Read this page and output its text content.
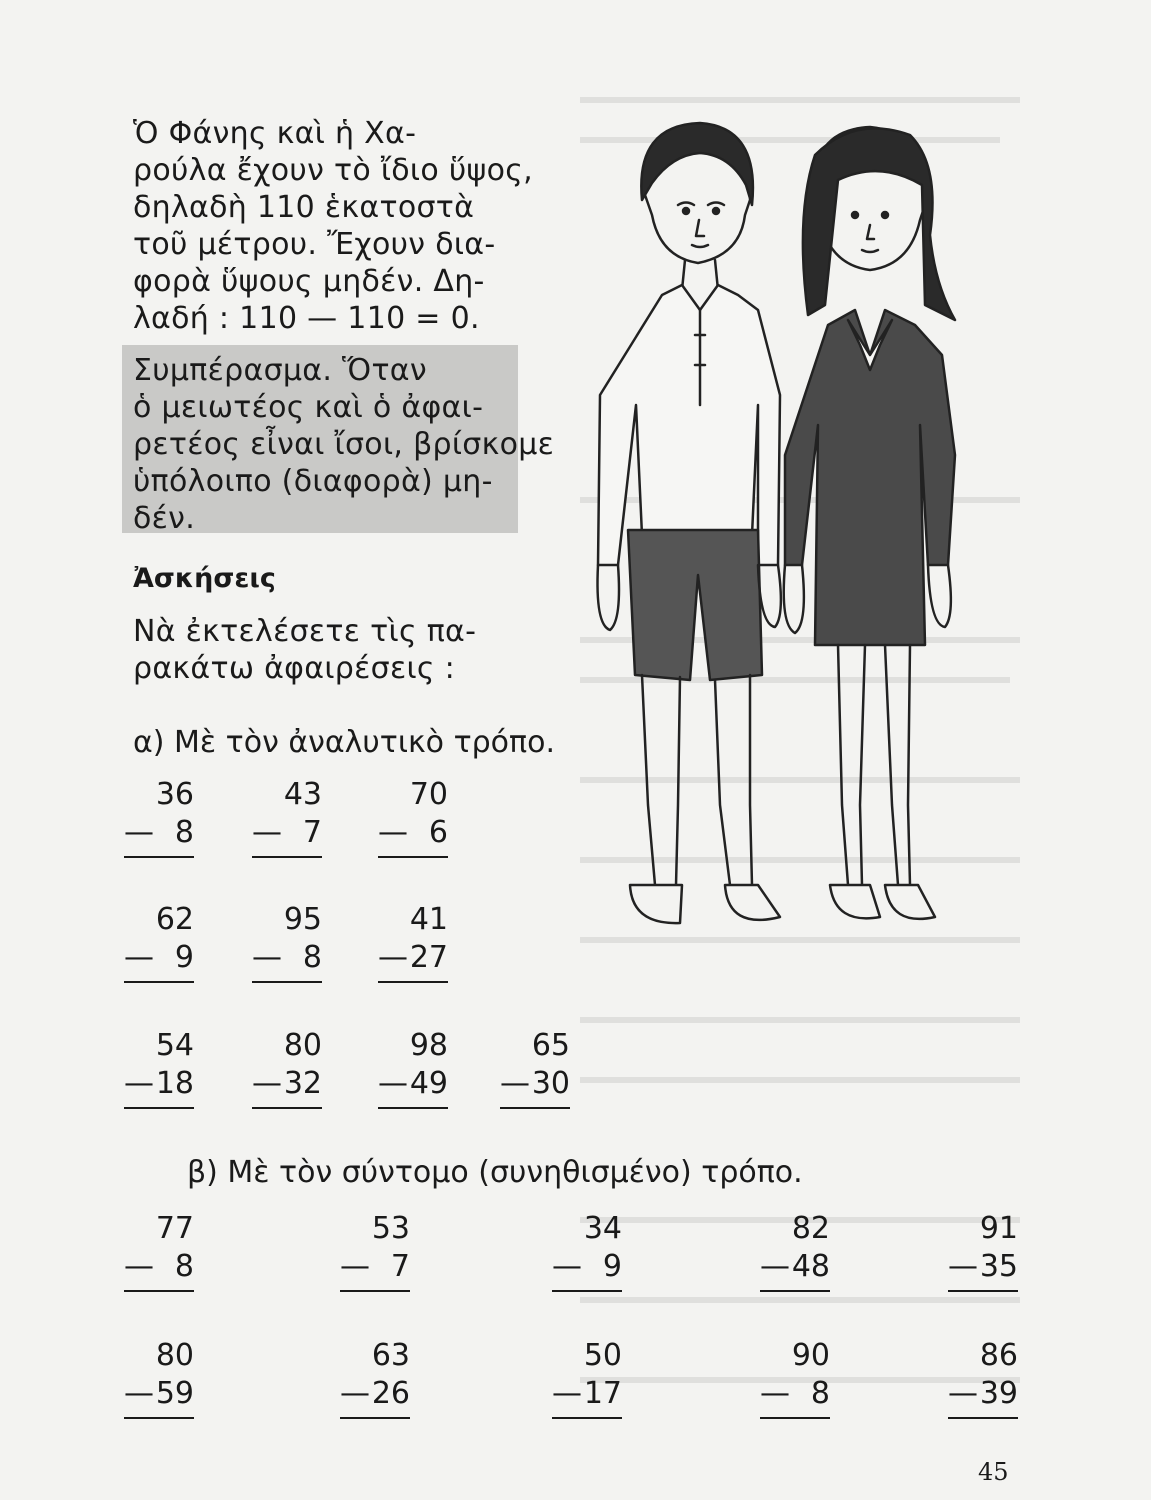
Ὁ Φάνης καὶ ἡ Χα-
ρούλα ἔχουν τὸ ἴδιο ὕψος,
δηλαδὴ 110 ἑκατοστὰ
τοῦ μέτρου. Ἔχουν δια-
φορὰ ὕψους μηδέν. Δη-
λαδή : 110 — 110 = 0.
Συμπέρασμα. Ὅταν
ὁ μειωτέος καὶ ὁ ἀφαι-
ρετέος εἶναι ἴσοι, βρίσκομε
ὑπόλοιπο (διαφορὰ) μη-
δέν.
Ἀσκήσεις
Νὰ ἐκτελέσετε τὶς πα-
ρακάτω ἀφαιρέσεις :
α) Μὲ τὸν ἀναλυτικὸ τρόπο.
β) Μὲ τὸν σύντομο (συνηθισμένο) τρόπο.
36
— 8
43
— 7
70
— 6
62
— 9
95
— 8
41
— 27
54
— 18
80
— 32
98
— 49
65
— 30
77
— 8
53
— 7
34
— 9
82
— 48
91
— 35
80
— 59
63
— 26
50
— 17
90
— 8
86
— 39
45
